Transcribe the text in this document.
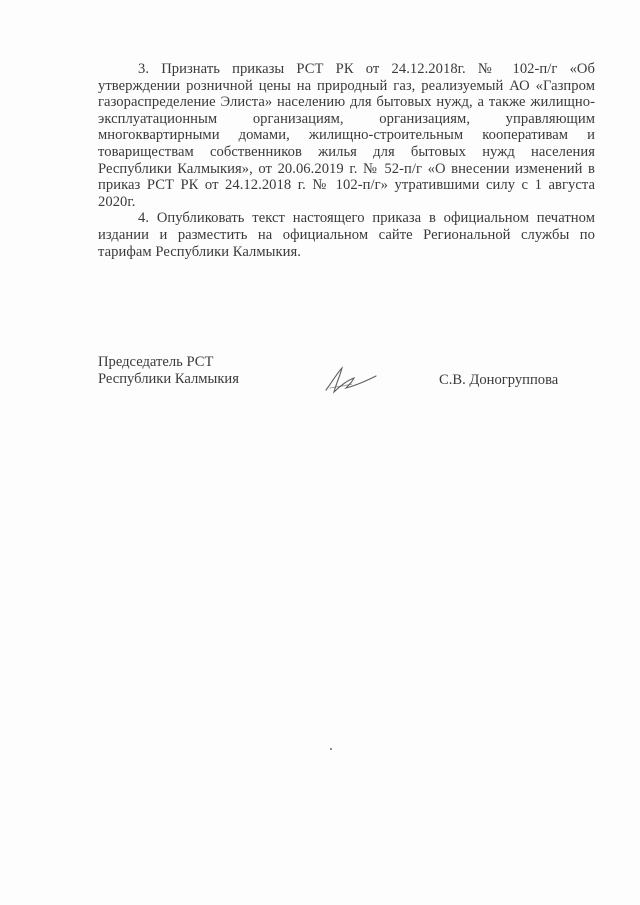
3. Признать приказы РСТ РК от 24.12.2018г. № 102-п/г «Об утверждении розничной цены на природный газ, реализуемый АО «Газпром газораспределение Элиста» населению для бытовых нужд, а также жилищно-эксплуатационным организациям, организациям, управляющим многоквартирными домами, жилищно-строительным кооперативам и товариществам собственников жилья для бытовых нужд населения Республики Калмыкия», от 20.06.2019 г. № 52-п/г «О внесении изменений в приказ РСТ РК от 24.12.2018 г. № 102-п/г» утратившими силу с 1 августа 2020г.

4. Опубликовать текст настоящего приказа в официальном печатном издании и разместить на официальном сайте Региональной службы по тарифам Республики Калмыкия.

Председатель РСТ
Республики Калмыкия	С.В. Доногруппова
